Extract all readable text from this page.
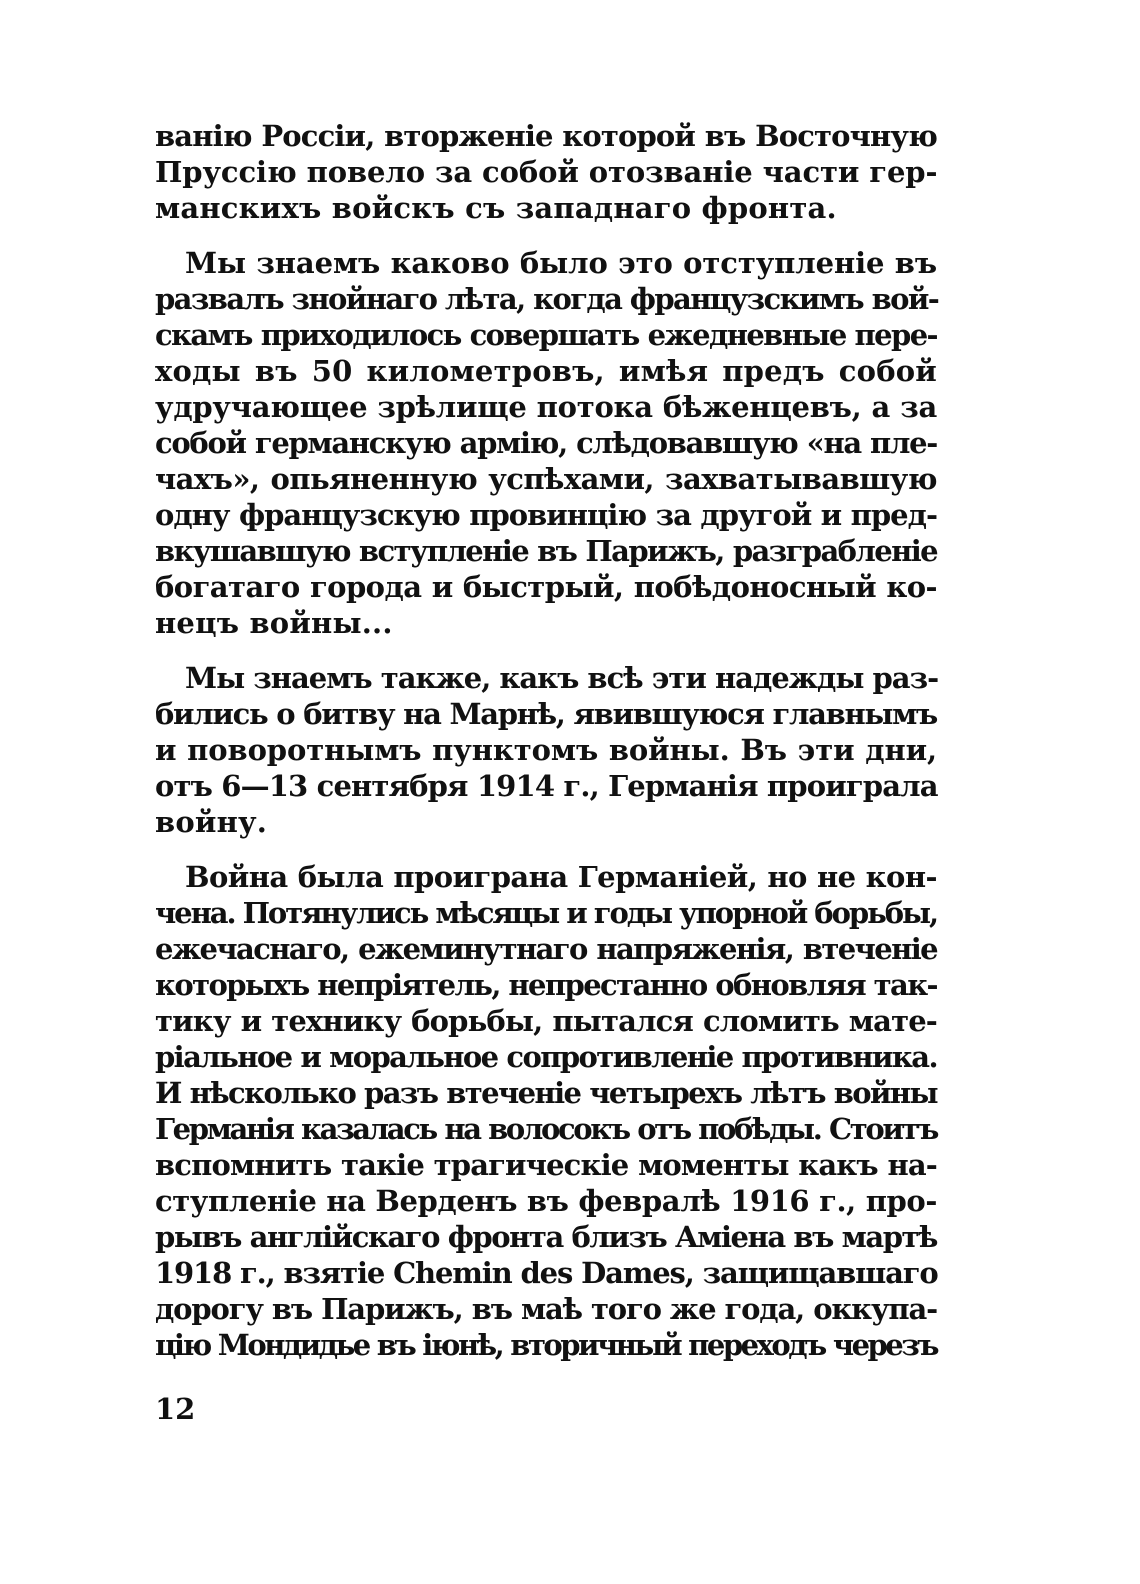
ванію Россіи, вторженіе которой въ Восточную
Пруссію повело за собой отозваніе части гер-
манскихъ войскъ съ западнаго фронта.

Мы знаемъ каково было это отступленіе въ
развалъ знойнаго лѣта, когда французскимъ вой-
скамъ приходилось совершать ежедневные пере-
ходы въ 50 километровъ, имѣя предъ собой
удручающее зрѣлище потока бѣженцевъ, а за
собой германскую армію, слѣдовавшую «на пле-
чахъ», опьяненную успѣхами, захватывавшую
одну французскую провинцію за другой и пред-
вкушавшую вступленіе въ Парижъ, разграбленіе
богатаго города и быстрый, побѣдоносный ко-
нецъ войны...

Мы знаемъ также, какъ всѣ эти надежды раз-
бились о битву на Марнѣ, явившуюся главнымъ
и поворотнымъ пунктомъ войны. Въ эти дни,
отъ 6—13 сентября 1914 г., Германія проиграла
войну.

Война была проиграна Германіей, но не кон-
чена. Потянулись мѣсяцы и годы упорной борьбы,
ежечаснаго, ежеминутнаго напряженія, втеченіе
которыхъ непріятель, непрестанно обновляя так-
тику и технику борьбы, пытался сломить мате-
ріальное и моральное сопротивленіе противника.
И нѣсколько разъ втеченіе четырехъ лѣтъ войны
Германія казалась на волосокъ отъ побѣды. Стоитъ
вспомнить такіе трагическіе моменты какъ на-
ступленіе на Верденъ въ февралѣ 1916 г., про-
рывъ англійскаго фронта близъ Аміена въ мартѣ
1918 г., взятіе Chemin des Dames, защищавшаго
дорогу въ Парижъ, въ маѣ того же года, оккупа-
цію Мондидье въ іюнѣ, вторичный переходъ черезъ

12
